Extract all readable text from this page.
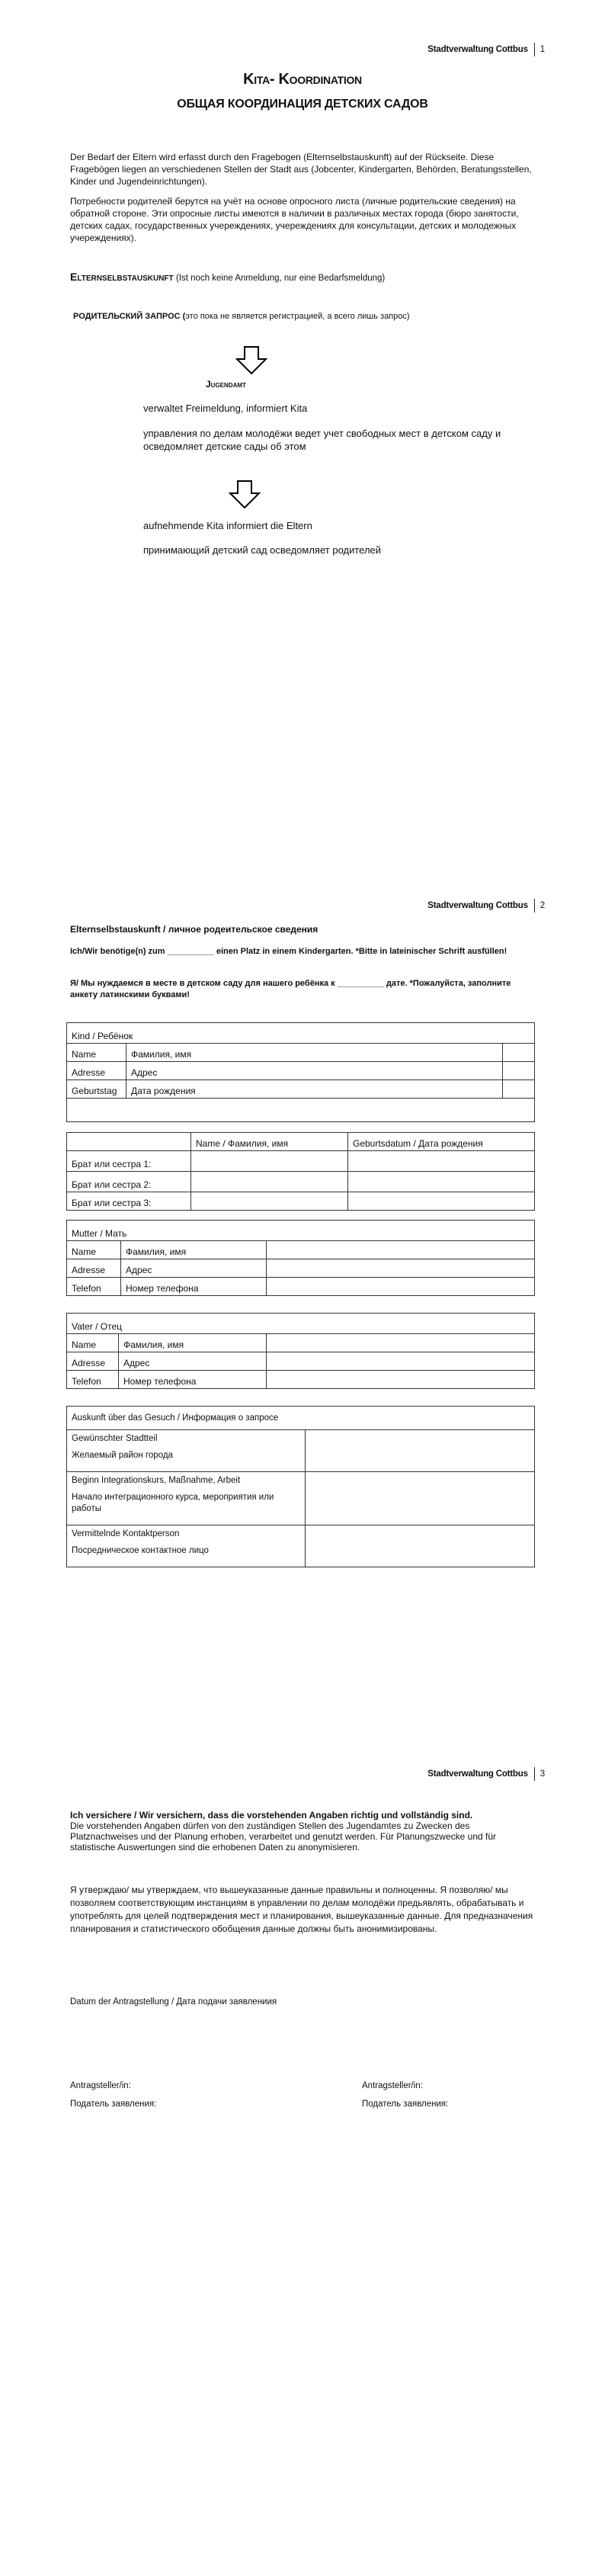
Stadtverwaltung Cottbus 1
Kita- Koordination
ОБЩАЯ КООРДИНАЦИЯ ДЕТСКИХ САДОВ
Der Bedarf der Eltern wird erfasst durch den Fragebogen (Elternselbstauskunft) auf der Rückseite. Diese Fragebögen liegen an verschiedenen Stellen der Stadt aus (Jobcenter, Kindergarten, Behörden, Beratungsstellen, Kinder und Jugendeinrichtungen).
Потребности родителей берутся на учёт на основе опросного листа (личные родительские сведения) на обратной стороне. Эти опросные листы имеются в наличии в различных местах города (бюро занятости, детских садах, государственных учереждениях, учереждениях для консультации, детских и молодежных учереждениях).
Elternselbstauskunft (Ist noch keine Anmeldung, nur eine Bedarfsmeldung)
РОДИТЕЛЬСКИЙ ЗАПРОС (это пока не является регистрацией, а всего лишь запрос)
Jugendamt
verwaltet Freimeldung, informiert Kita
управления по делам молодёжи ведет учет свободных мест в детском саду и осведомляет детские сады об этом
aufnehmende Kita informiert die Eltern
принимающий детский сад осведомляет родителей
Stadtverwaltung Cottbus 2
Elternselbstauskunft / личное родеительское сведения
Ich/Wir benötige(n) zum __________ einen Platz in einem Kindergarten. *Bitte in lateinischer Schrift ausfüllen!
Я/ Мы нуждаемся в месте в детском саду для нашего ребёнка к __________ дате. *Пожалуйста, заполните анкету латинскими буквами!
Kind / Ребёнок		
Name	Фамилия, имя	
Adresse	Адрес	
Geburtstag	Дата рождения	

	Name / Фамилия, имя	Geburtsdatum / Дата рождения
Брат или сестра 1:		
Брат или сестра 2:		
Брат или сестра 3:		
Mutter / Мать		
Name	Фамилия, имя	
Adresse	Адрес	
Telefon	Номер телефона	
Vater / Отец		
Name	Фамилия, имя	
Adresse	Адрес	
Telefon	Номер телефона	
Auskunft über das Gesuch / Информация о запросе	

Gewünschter Stadtteil
Желаемый район города	

Beginn Integrationskurs, Maßnahme, Arbeit
Начало интеграционного курса, мероприятия или работы	

Vermittelnde Kontaktperson
Посредническое контактное лицо	

Stadtverwaltung Cottbus 3
Ich versichere / Wir versichern, dass die vorstehenden Angaben richtig und vollständig sind.
Die vorstehenden Angaben dürfen von den zuständigen Stellen des Jugendamtes zu Zwecken des Platznachweises und der Planung erhoben, verarbeitet und genutzt werden. Für Planungszwecke und für statistische Auswertungen sind die erhobenen Daten zu anonymisieren.
Я утверждаю/ мы утверждаем, что вышеуказанные данные правильны и полноценны. Я позволяю/ мы позволяем соответствующим инстанциям в управлении по делам молодёжи предьявлять, обрабатывать и употреблять для целей подтверждения мест и планирования, вышеуказанные данные. Для предназначения планирования и статистического обобщения данные должны быть анонимизированы.
Datum der Antragstellung / Дата подачи заявлениия
Antragsteller/in:
Податель заявления:
Antragsteller/in:
Податель заявления:
